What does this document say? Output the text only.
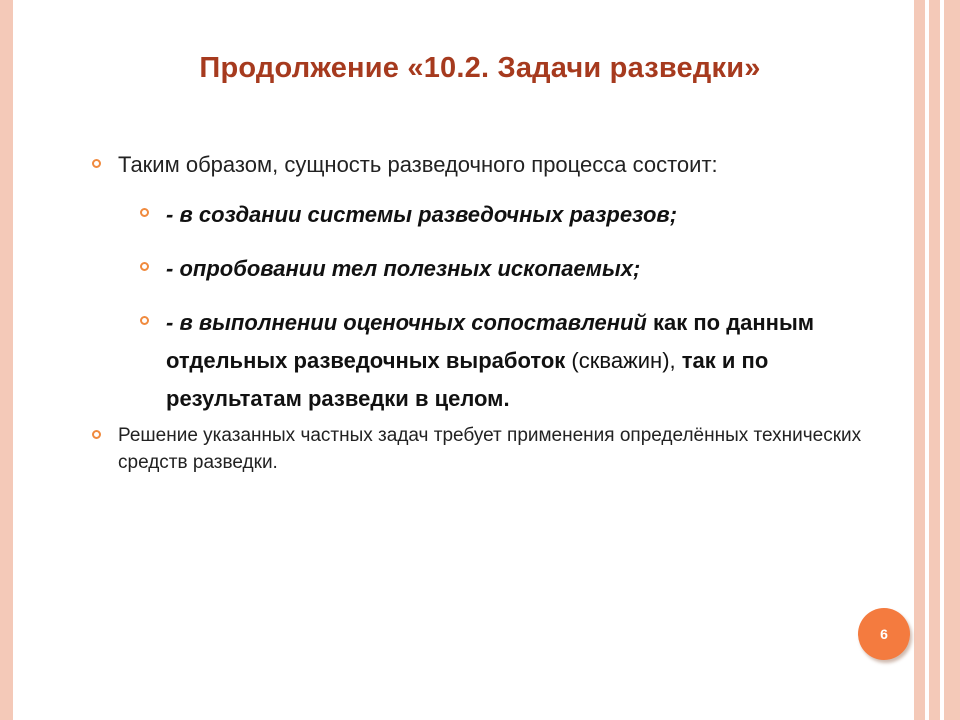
Продолжение «10.2. Задачи разведки»
Таким образом, сущность разведочного процесса состоит:
- в создании системы разведочных разрезов;
- опробовании тел полезных ископаемых;
- в выполнении оценочных сопоставлений как по данным отдельных разведочных выработок (скважин), так и по результатам разведки в целом.
Решение указанных частных задач требует применения определённых технических средств разведки.
6
